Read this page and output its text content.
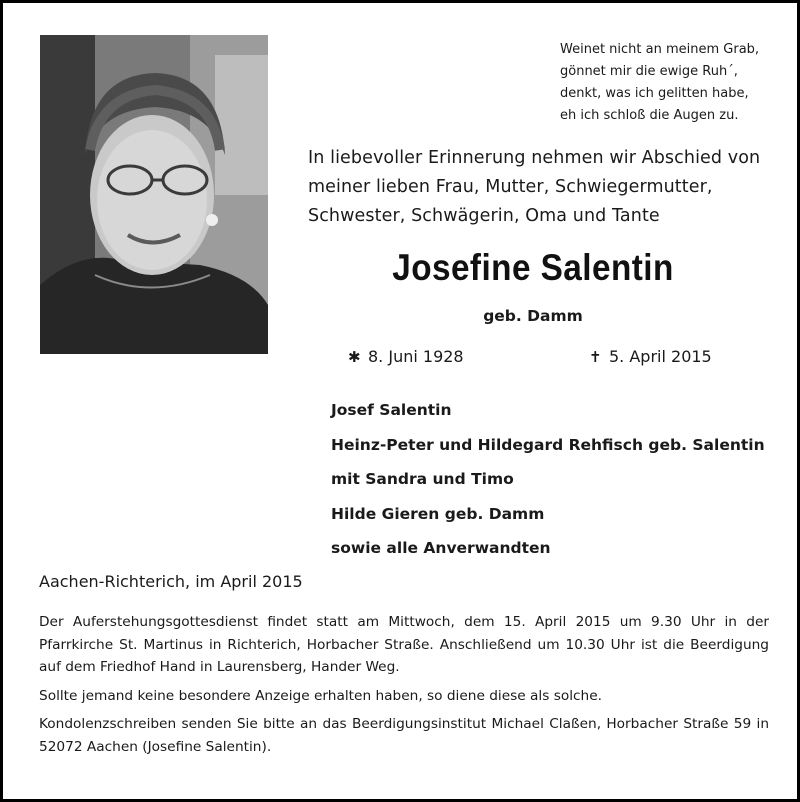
Weinet nicht an meinem Grab,
gönnet mir die ewige Ruh´,
denkt, was ich gelitten habe,
eh ich schloß die Augen zu.
In liebevoller Erinnerung nehmen wir Abschied von
meiner lieben Frau, Mutter, Schwiegermutter,
Schwester, Schwägerin, Oma und Tante
Josefine Salentin
geb. Damm
✱ 8. Juni 1928	✝ 5. April 2015
Josef Salentin
Heinz-Peter und Hildegard Rehfisch geb. Salentin
mit Sandra und Timo
Hilde Gieren geb. Damm
sowie alle Anverwandten
Aachen-Richterich, im April 2015

Der Auferstehungsgottesdienst findet statt am Mittwoch, dem 15. April 2015 um 9.30 Uhr in der Pfarrkirche St. Martinus in Richterich, Horbacher Straße. Anschließend um 10.30 Uhr ist die Beerdigung auf dem Friedhof Hand in Laurensberg, Hander Weg.

Sollte jemand keine besondere Anzeige erhalten haben, so diene diese als solche.

Kondolenzschreiben senden Sie bitte an das Beerdigungsinstitut Michael Claßen, Horbacher Straße 59 in 52072 Aachen (Josefine Salentin).
